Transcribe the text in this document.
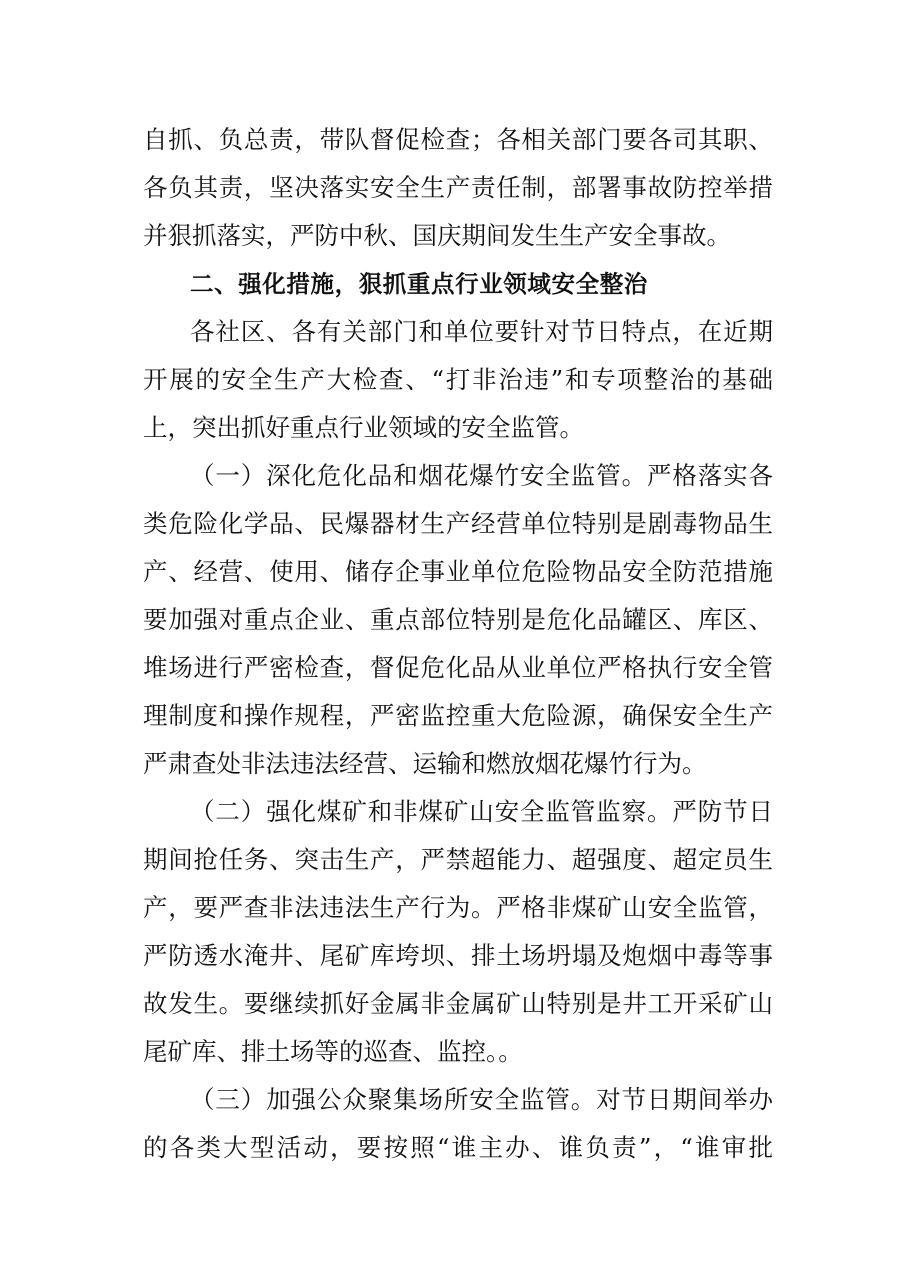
自抓、负总责，带队督促检查；各相关部门要各司其职、
各负其责，坚决落实安全生产责任制，部署事故防控举措
并狠抓落实，严防中秋、国庆期间发生生产安全事故。
二、强化措施，狠抓重点行业领域安全整治
各社区、各有关部门和单位要针对节日特点，在近期
开展的安全生产大检查、“打非治违”和专项整治的基础
上，突出抓好重点行业领域的安全监管。
（一）深化危化品和烟花爆竹安全监管。严格落实各
类危险化学品、民爆器材生产经营单位特别是剧毒物品生
产、经营、使用、储存企事业单位危险物品安全防范措施
要加强对重点企业、重点部位特别是危化品罐区、库区、
堆场进行严密检查，督促危化品从业单位严格执行安全管
理制度和操作规程，严密监控重大危险源，确保安全生产
严肃查处非法违法经营、运输和燃放烟花爆竹行为。
（二）强化煤矿和非煤矿山安全监管监察。严防节日
期间抢任务、突击生产，严禁超能力、超强度、超定员生
产，要严查非法违法生产行为。严格非煤矿山安全监管，
严防透水淹井、尾矿库垮坝、排土场坍塌及炮烟中毒等事
故发生。要继续抓好金属非金属矿山特别是井工开采矿山
尾矿库、排土场等的巡查、监控。。
（三）加强公众聚集场所安全监管。对节日期间举办
的各类大型活动，要按照“谁主办、谁负责”，“谁审批
